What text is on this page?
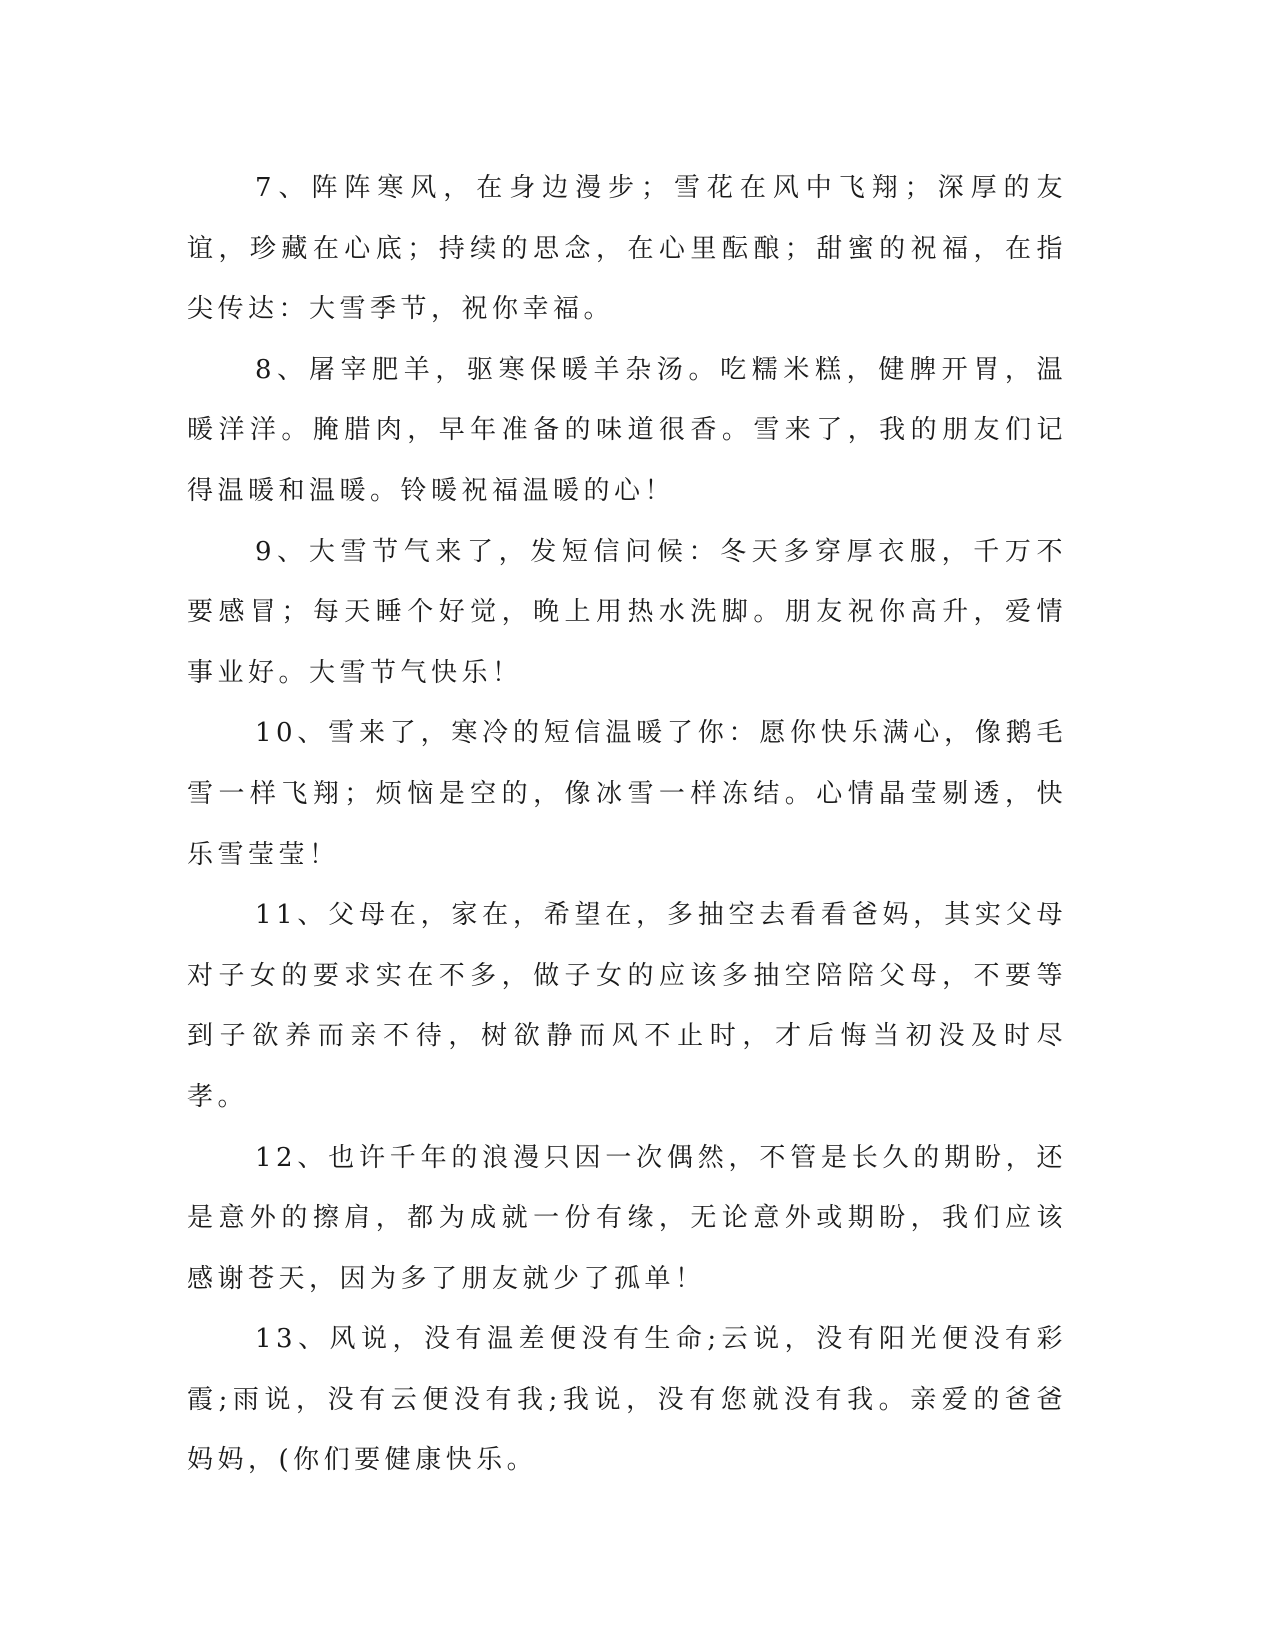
7、阵阵寒风，在身边漫步；雪花在风中飞翔；深厚的友谊，珍藏在心底；持续的思念，在心里酝酿；甜蜜的祝福，在指尖传达：大雪季节，祝你幸福。

8、屠宰肥羊，驱寒保暖羊杂汤。吃糯米糕，健脾开胃，温暖洋洋。腌腊肉，早年准备的味道很香。雪来了，我的朋友们记得温暖和温暖。铃暖祝福温暖的心！

9、大雪节气来了，发短信问候：冬天多穿厚衣服，千万不要感冒；每天睡个好觉，晚上用热水洗脚。朋友祝你高升，爱情事业好。大雪节气快乐！

10、雪来了，寒冷的短信温暖了你：愿你快乐满心，像鹅毛雪一样飞翔；烦恼是空的，像冰雪一样冻结。心情晶莹剔透，快乐雪莹莹！

11、父母在，家在，希望在，多抽空去看看爸妈，其实父母对子女的要求实在不多，做子女的应该多抽空陪陪父母，不要等到子欲养而亲不待，树欲静而风不止时，才后悔当初没及时尽孝。

12、也许千年的浪漫只因一次偶然，不管是长久的期盼，还是意外的擦肩，都为成就一份有缘，无论意外或期盼，我们应该感谢苍天，因为多了朋友就少了孤单！

13、风说，没有温差便没有生命;云说，没有阳光便没有彩霞;雨说，没有云便没有我;我说，没有您就没有我。亲爱的爸爸妈妈，(你们要健康快乐。
